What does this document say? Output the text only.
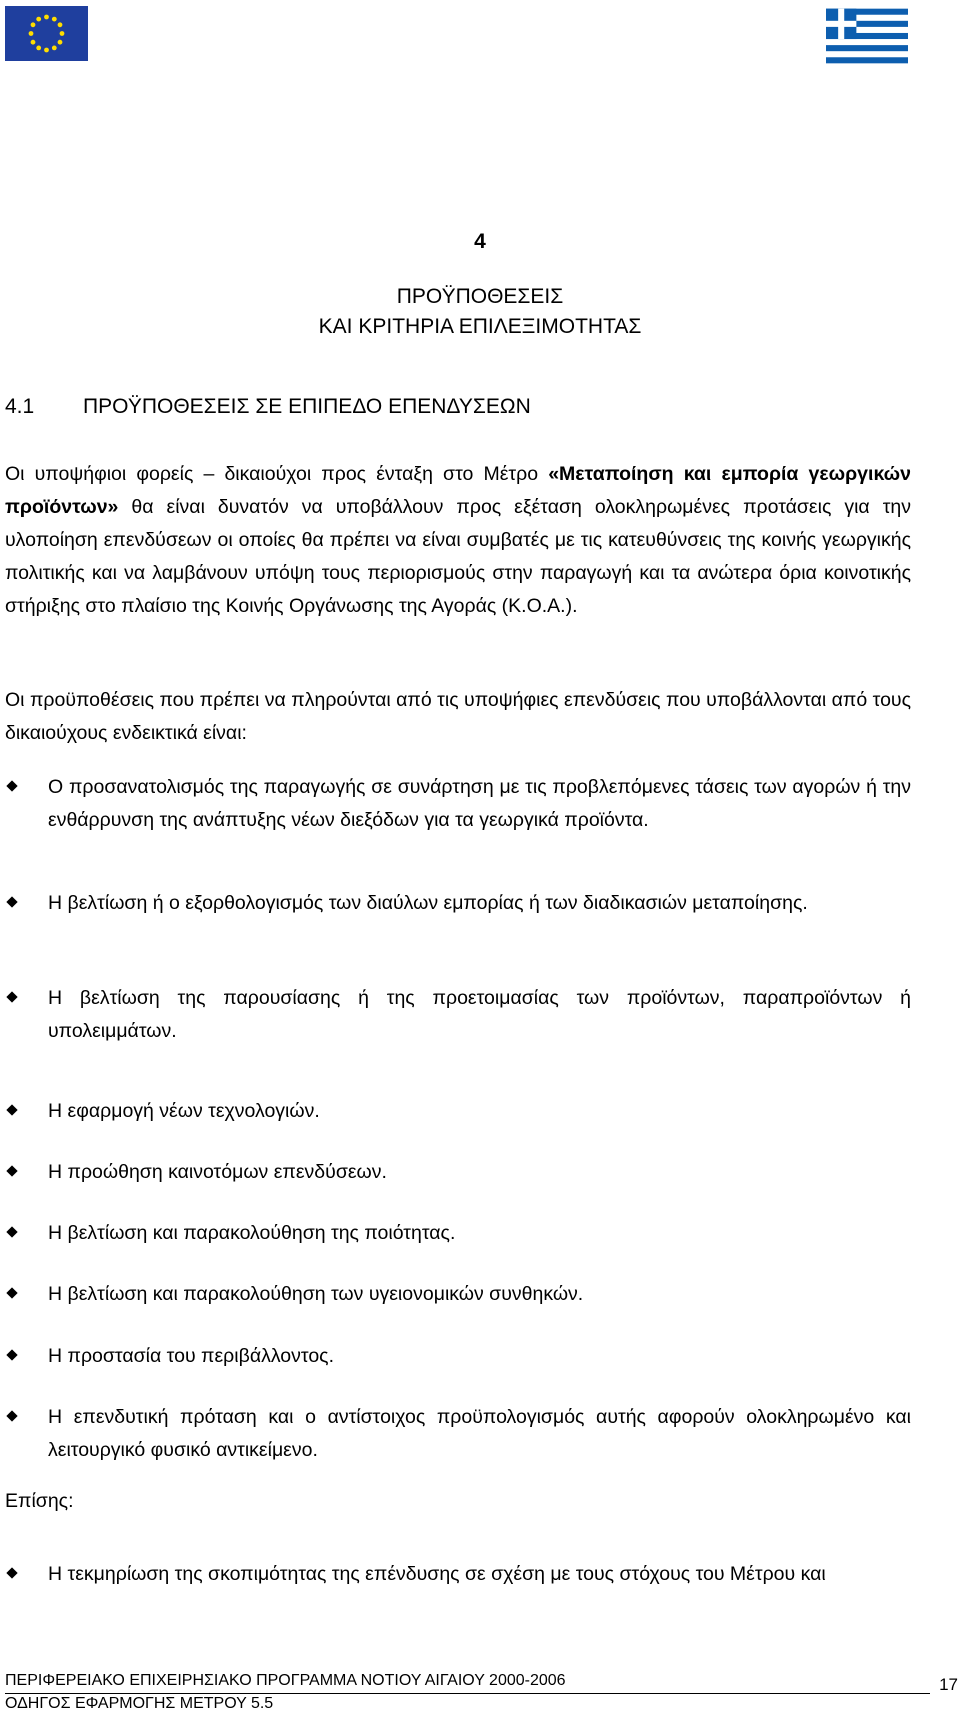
4
ΠΡΟΫΠΟΘΕΣΕΙΣ
ΚΑΙ ΚΡΙΤΗΡΙΑ ΕΠΙΛΕΞΙΜΟΤΗΤΑΣ
4.1 ΠΡΟΫΠΟΘΕΣΕΙΣ ΣΕ ΕΠΙΠΕΔΟ ΕΠΕΝΔΥΣΕΩΝ
Οι υποψήφιοι φορείς – δικαιούχοι προς ένταξη στο Μέτρο «Μεταποίηση και εμπορία γεωργικών προϊόντων» θα είναι δυνατόν να υποβάλλουν προς εξέταση ολοκληρωμένες προτάσεις για την υλοποίηση επενδύσεων οι οποίες θα πρέπει να είναι συμβατές με τις κατευθύνσεις της κοινής γεωργικής πολιτικής και να λαμβάνουν υπόψη τους περιορισμούς στην παραγωγή και τα ανώτερα όρια κοινοτικής στήριξης στο πλαίσιο της Κοινής Οργάνωσης της Αγοράς (Κ.Ο.Α.).
Οι προϋποθέσεις που πρέπει να πληρούνται από τις υποψήφιες επενδύσεις που υποβάλλονται από τους δικαιούχους ενδεικτικά είναι:
Ο προσανατολισμός της παραγωγής σε συνάρτηση με τις προβλεπόμενες τάσεις των αγορών ή την ενθάρρυνση της ανάπτυξης νέων διεξόδων για τα γεωργικά προϊόντα.
Η βελτίωση ή ο εξορθολογισμός των διαύλων εμπορίας ή των διαδικασιών μεταποίησης.
Η βελτίωση της παρουσίασης ή της προετοιμασίας των προϊόντων, παραπροϊόντων ή υπολειμμάτων.
Η εφαρμογή νέων τεχνολογιών.
Η προώθηση καινοτόμων επενδύσεων.
Η βελτίωση και παρακολούθηση της ποιότητας.
Η βελτίωση και παρακολούθηση των υγειονομικών συνθηκών.
Η προστασία του περιβάλλοντος.
Η επενδυτική πρόταση και ο αντίστοιχος προϋπολογισμός αυτής αφορούν ολοκληρωμένο και λειτουργικό φυσικό αντικείμενο.
Επίσης:
Η τεκμηρίωση της σκοπιμότητας της επένδυσης σε σχέση με τους στόχους του Μέτρου και
ΠΕΡΙΦΕΡΕΙΑΚΟ ΕΠΙΧΕΙΡΗΣΙΑΚΟ ΠΡΟΓΡΑΜΜΑ ΝΟΤΙΟΥ ΑΙΓΑΙΟΥ 2000-2006
ΟΔΗΓΟΣ ΕΦΑΡΜΟΓΗΣ ΜΕΤΡΟΥ 5.5
17
